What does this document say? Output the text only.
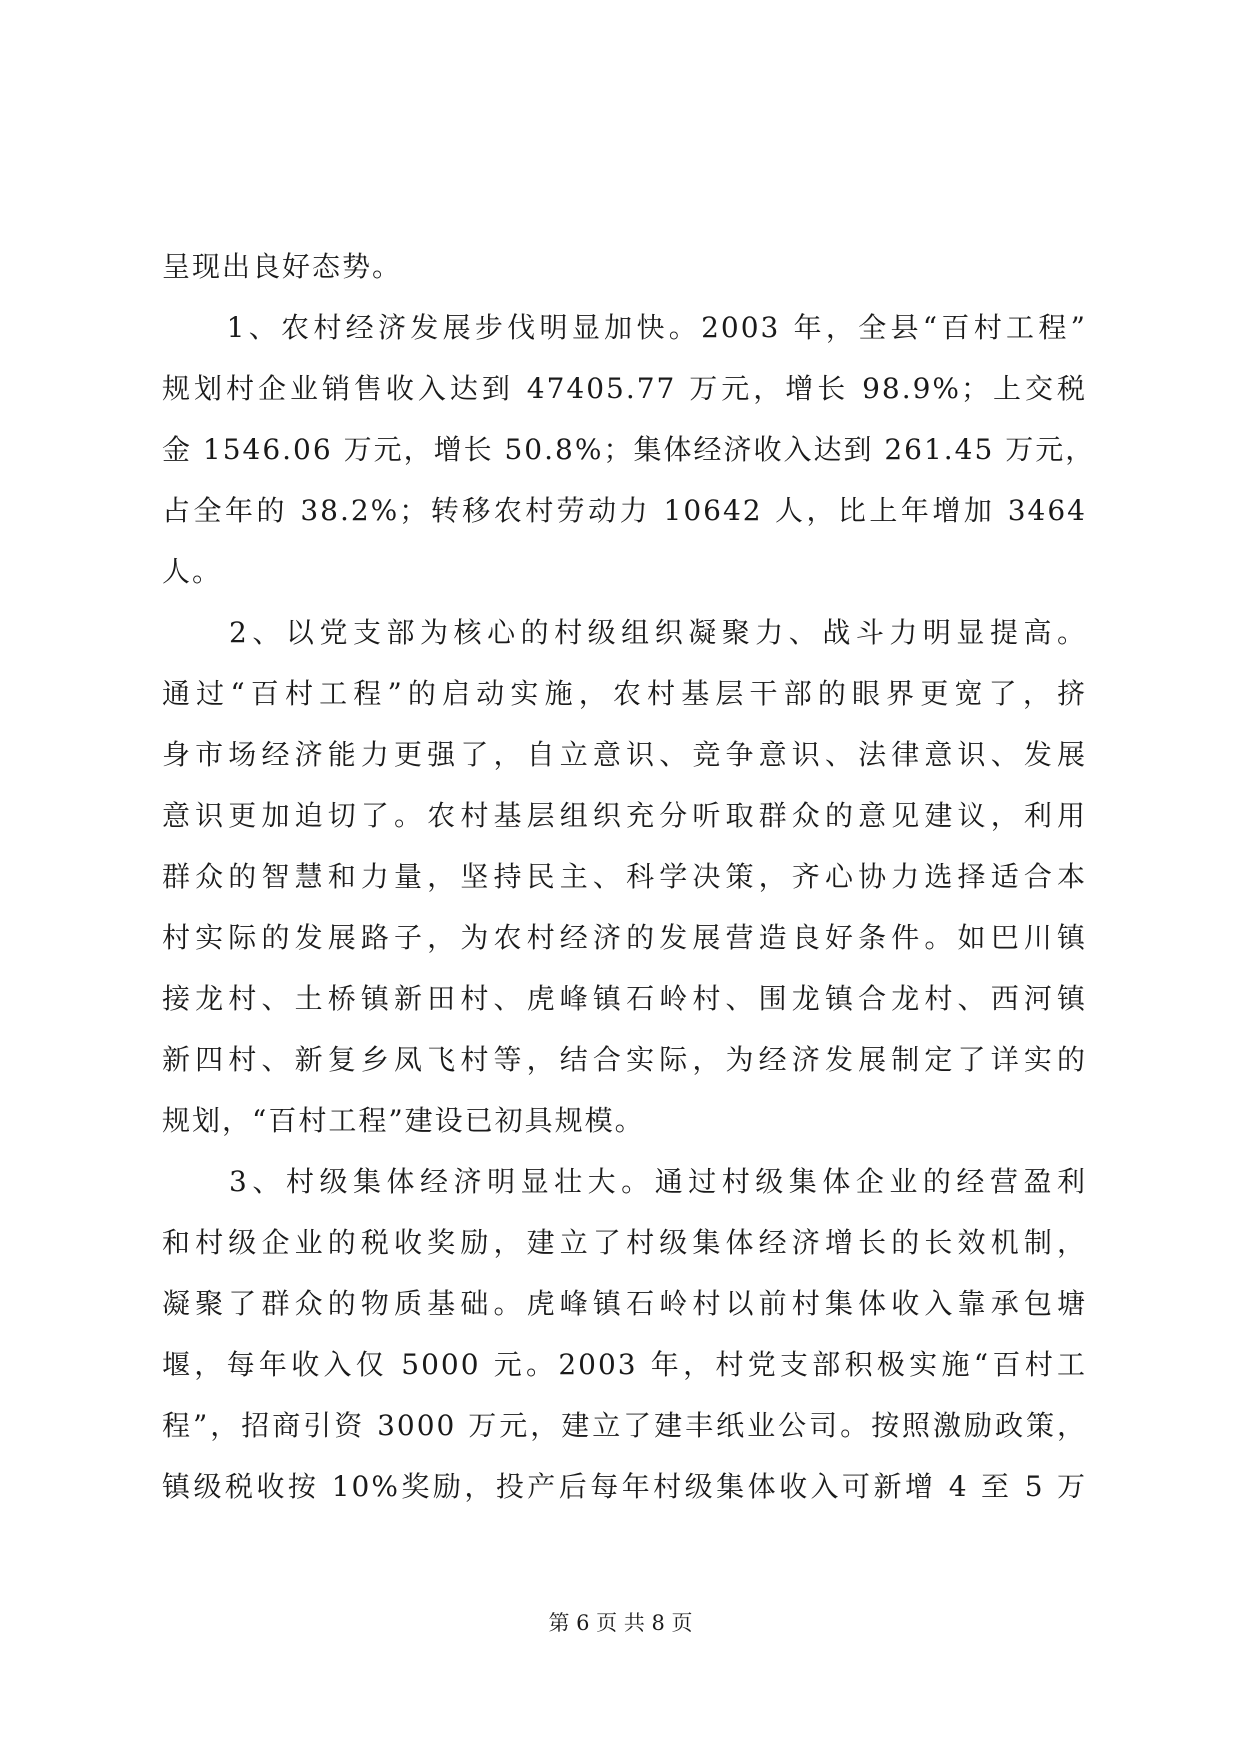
呈现出良好态势。
　　1、农村经济发展步伐明显加快。2003 年，全县“百村工程”
规划村企业销售收入达到 47405.77 万元，增长 98.9%；上交税
金 1546.06 万元，增长 50.8%；集体经济收入达到 261.45 万元，
占全年的 38.2%；转移农村劳动力 10642 人，比上年增加 3464
人。
　　2、以党支部为核心的村级组织凝聚力、战斗力明显提高。
通过“百村工程”的启动实施，农村基层干部的眼界更宽了，挤
身市场经济能力更强了，自立意识、竞争意识、法律意识、发展
意识更加迫切了。农村基层组织充分听取群众的意见建议，利用
群众的智慧和力量，坚持民主、科学决策，齐心协力选择适合本
村实际的发展路子，为农村经济的发展营造良好条件。如巴川镇
接龙村、土桥镇新田村、虎峰镇石岭村、围龙镇合龙村、西河镇
新四村、新复乡凤飞村等，结合实际，为经济发展制定了详实的
规划，“百村工程”建设已初具规模。
　　3、村级集体经济明显壮大。通过村级集体企业的经营盈利
和村级企业的税收奖励，建立了村级集体经济增长的长效机制，
凝聚了群众的物质基础。虎峰镇石岭村以前村集体收入靠承包塘
堰，每年收入仅 5000 元。2003 年，村党支部积极实施“百村工
程”，招商引资 3000 万元，建立了建丰纸业公司。按照激励政策，
镇级税收按 10%奖励，投产后每年村级集体收入可新增 4 至 5 万
第 6 页 共 8 页
